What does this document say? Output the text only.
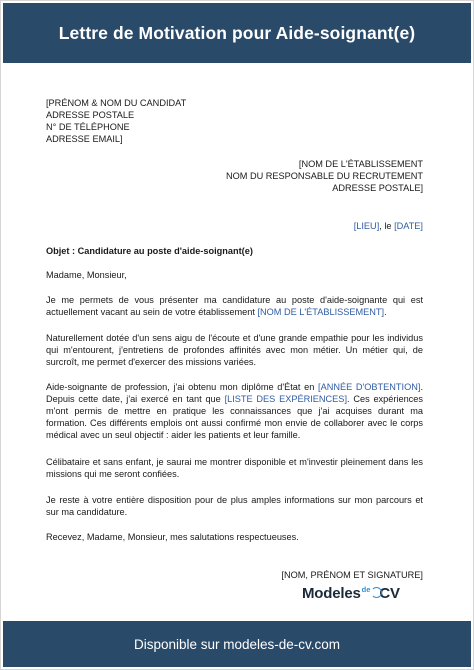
Lettre de Motivation pour Aide-soignant(e)
[PRÉNOM & NOM DU CANDIDAT
ADRESSE POSTALE
N° DE TÉLÉPHONE
ADRESSE EMAIL]
[NOM DE L'ÉTABLISSEMENT
NOM DU RESPONSABLE DU RECRUTEMENT
ADRESSE POSTALE]
[LIEU], le [DATE]
Objet : Candidature au poste d'aide-soignant(e)
Madame, Monsieur,
Je me permets de vous présenter ma candidature au poste d'aide-soignante qui est actuellement vacant au sein de votre établissement [NOM DE L'ÉTABLISSEMENT].
Naturellement dotée d'un sens aigu de l'écoute et d'une grande empathie pour les individus qui m'entourent, j'entretiens de profondes affinités avec mon métier. Un métier qui, de surcroît, me permet d'exercer des missions variées.
Aide-soignante de profession, j'ai obtenu mon diplôme d'État en [ANNÉE D'OBTENTION]. Depuis cette date, j'ai exercé en tant que [LISTE DES EXPÉRIENCES]. Ces expériences m'ont permis de mettre en pratique les connaissances que j'ai acquises durant ma formation. Ces différents emplois ont aussi confirmé mon envie de collaborer avec le corps médical avec un seul objectif : aider les patients et leur famille.
Célibataire et sans enfant, je saurai me montrer disponible et m'investir pleinement dans les missions qui me seront confiées.
Je reste à votre entière disposition pour de plus amples informations sur mon parcours et sur ma candidature.
Recevez, Madame, Monsieur, mes salutations respectueuses.
[NOM, PRÉNOM ET SIGNATURE]
Modeles de CV
Disponible sur modeles-de-cv.com
